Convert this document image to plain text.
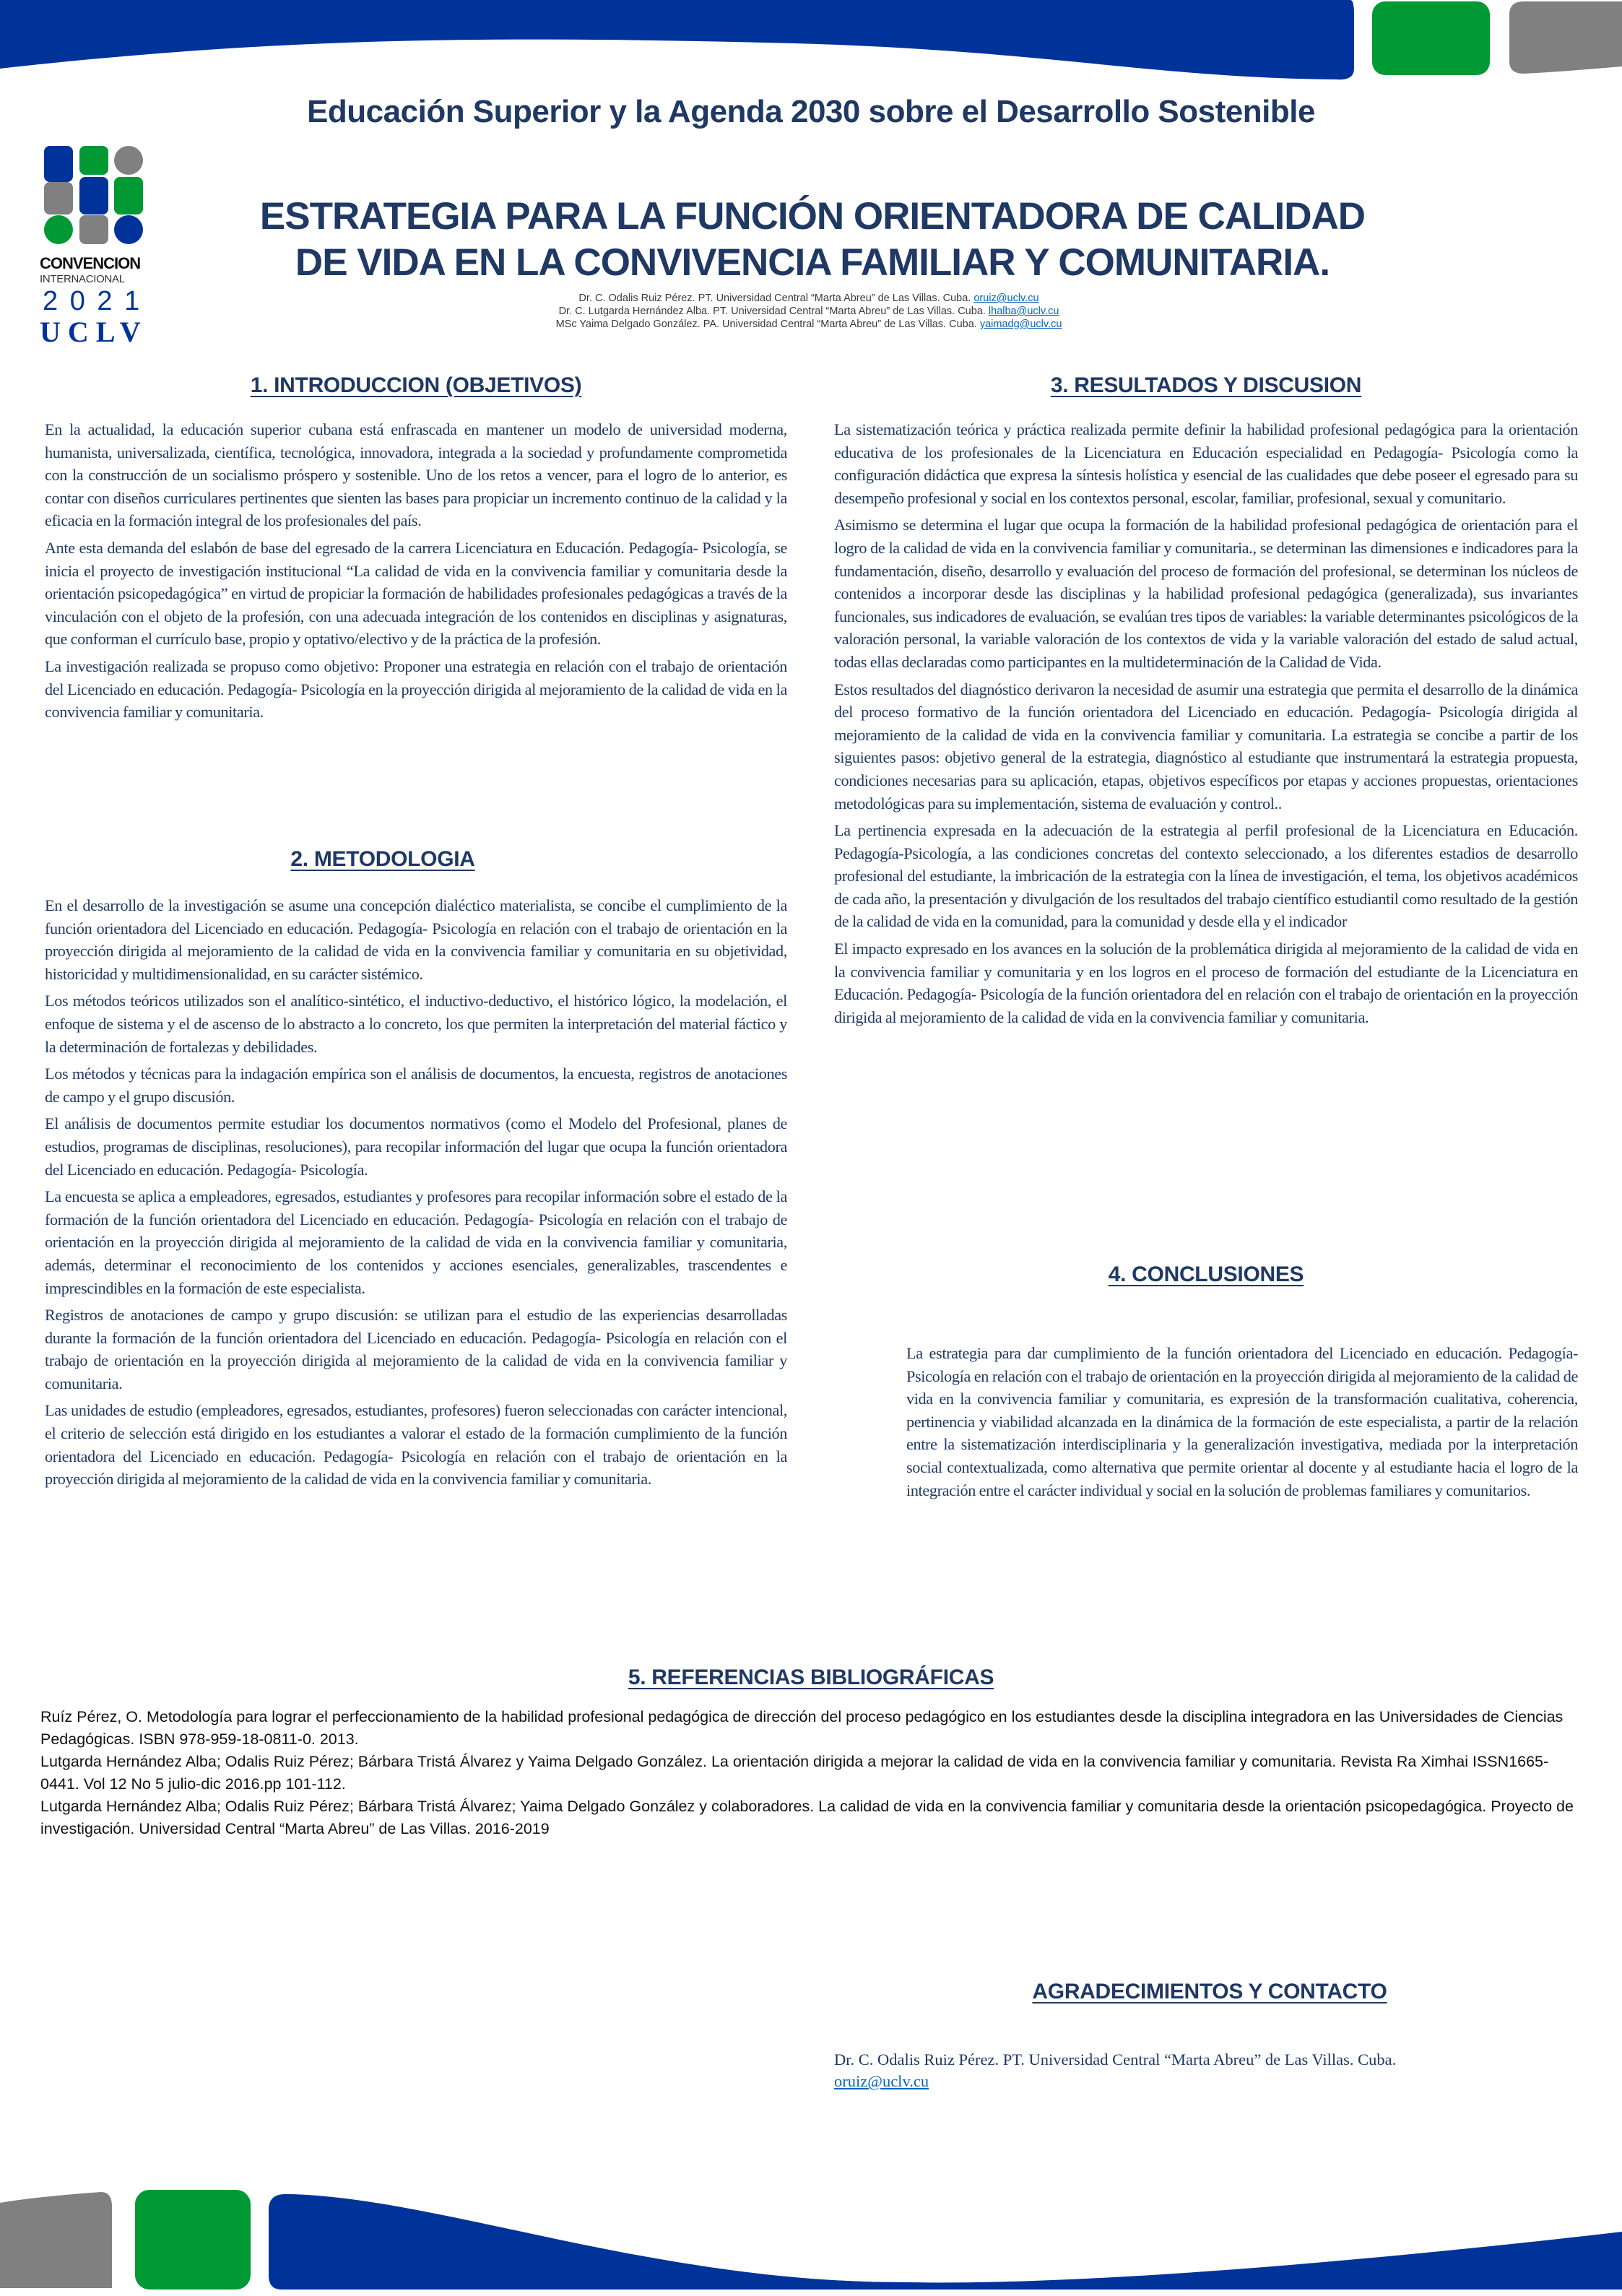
CONVENCION
INTERNACIONAL
2 0 2 1
UCLV
Educación Superior y la Agenda 2030 sobre el Desarrollo Sostenible
ESTRATEGIA PARA LA FUNCIÓN ORIENTADORA DE CALIDAD
DE VIDA EN LA CONVIVENCIA FAMILIAR Y COMUNITARIA.
Dr. C. Odalis Ruiz Pérez. PT. Universidad Central “Marta Abreu” de Las Villas. Cuba. oruiz@uclv.cu
Dr. C. Lutgarda Hernández Alba. PT. Universidad Central “Marta Abreu” de Las Villas. Cuba. lhalba@uclv.cu
MSc Yaima Delgado González. PA. Universidad Central “Marta Abreu” de Las Villas. Cuba. yaimadg@uclv.cu
1. INTRODUCCION (OBJETIVOS)

En la actualidad, la educación superior cubana está enfrascada en mantener un modelo de universidad moderna, humanista, universalizada, científica, tecnológica, innovadora, integrada a la sociedad y profundamente comprometida con la construcción de un socialismo próspero y sostenible. Uno de los retos a vencer, para el logro de lo anterior, es contar con diseños curriculares pertinentes que sienten las bases para propiciar un incremento continuo de la calidad y la eficacia en la formación integral de los profesionales del país.

Ante esta demanda del eslabón de base del egresado de la carrera Licenciatura en Educación. Pedagogía- Psicología, se inicia el proyecto de investigación institucional “La calidad de vida en la convivencia familiar y comunitaria desde la orientación psicopedagógica” en virtud de propiciar la formación de habilidades profesionales pedagógicas a través de la vinculación con el objeto de la profesión, con una adecuada integración de los contenidos en disciplinas y asignaturas, que conforman el currículo base, propio y optativo/electivo y de la práctica de la profesión.

La investigación realizada se propuso como objetivo: Proponer una estrategia en relación con el trabajo de orientación del Licenciado en educación. Pedagogía- Psicología en la proyección dirigida al mejoramiento de la calidad de vida en la convivencia familiar y comunitaria.

2. METODOLOGIA

En el desarrollo de la investigación se asume una concepción dialéctico materialista, se concibe el cumplimiento de la función orientadora del Licenciado en educación. Pedagogía- Psicología en relación con el trabajo de orientación en la proyección dirigida al mejoramiento de la calidad de vida en la convivencia familiar y comunitaria en su objetividad, historicidad y multidimensionalidad, en su carácter sistémico.

Los métodos teóricos utilizados son el analítico-sintético, el inductivo-deductivo, el histórico lógico, la modelación, el enfoque de sistema y el de ascenso de lo abstracto a lo concreto, los que permiten la interpretación del material fáctico y la determinación de fortalezas y debilidades.

Los métodos y técnicas para la indagación empírica son el análisis de documentos, la encuesta, registros de anotaciones de campo y el grupo discusión.

El análisis de documentos permite estudiar los documentos normativos (como el Modelo del Profesional, planes de estudios, programas de disciplinas, resoluciones), para recopilar información del lugar que ocupa la función orientadora del Licenciado en educación. Pedagogía- Psicología.

La encuesta se aplica a empleadores, egresados, estudiantes y profesores para recopilar información sobre el estado de la formación de la función orientadora del Licenciado en educación. Pedagogía- Psicología en relación con el trabajo de orientación en la proyección dirigida al mejoramiento de la calidad de vida en la convivencia familiar y comunitaria, además, determinar el reconocimiento de los contenidos y acciones esenciales, generalizables, trascendentes e imprescindibles en la formación de este especialista.

Registros de anotaciones de campo y grupo discusión: se utilizan para el estudio de las experiencias desarrolladas durante la formación de la función orientadora del Licenciado en educación. Pedagogía- Psicología en relación con el trabajo de orientación en la proyección dirigida al mejoramiento de la calidad de vida en la convivencia familiar y comunitaria.

Las unidades de estudio (empleadores, egresados, estudiantes, profesores) fueron seleccionadas con carácter intencional, el criterio de selección está dirigido en los estudiantes a valorar el estado de la formación cumplimiento de la función orientadora del Licenciado en educación. Pedagogía- Psicología en relación con el trabajo de orientación en la proyección dirigida al mejoramiento de la calidad de vida en la convivencia familiar y comunitaria.

3. RESULTADOS Y DISCUSION

La sistematización teórica y práctica realizada permite definir la habilidad profesional pedagógica para la orientación educativa de los profesionales de la Licenciatura en Educación especialidad en Pedagogía- Psicología como la configuración didáctica que expresa la síntesis holística y esencial de las cualidades que debe poseer el egresado para su desempeño profesional y social en los contextos personal, escolar, familiar, profesional, sexual y comunitario.

Asimismo se determina el lugar que ocupa la formación de la habilidad profesional pedagógica de orientación para el logro de la calidad de vida en la convivencia familiar y comunitaria., se determinan las dimensiones e indicadores para la fundamentación, diseño, desarrollo y evaluación del proceso de formación del profesional, se determinan los núcleos de contenidos a incorporar desde las disciplinas y la habilidad profesional pedagógica (generalizada), sus invariantes funcionales, sus indicadores de evaluación, se evalúan tres tipos de variables: la variable determinantes psicológicos de la valoración personal, la variable valoración de los contextos de vida y la variable valoración del estado de salud actual, todas ellas declaradas como participantes en la multideterminación de la Calidad de Vida.

Estos resultados del diagnóstico derivaron la necesidad de asumir una estrategia que permita el desarrollo de la dinámica del proceso formativo de la función orientadora del Licenciado en educación. Pedagogía- Psicología dirigida al mejoramiento de la calidad de vida en la convivencia familiar y comunitaria. La estrategia se concibe a partir de los siguientes pasos: objetivo general de la estrategia, diagnóstico al estudiante que instrumentará la estrategia propuesta, condiciones necesarias para su aplicación, etapas, objetivos específicos por etapas y acciones propuestas, orientaciones metodológicas para su implementación, sistema de evaluación y control..

La pertinencia expresada en la adecuación de la estrategia al perfil profesional de la Licenciatura en Educación. Pedagogía-Psicología, a las condiciones concretas del contexto seleccionado, a los diferentes estadios de desarrollo profesional del estudiante, la imbricación de la estrategia con la línea de investigación, el tema, los objetivos académicos de cada año, la presentación y divulgación de los resultados del trabajo científico estudiantil como resultado de la gestión de la calidad de vida en la comunidad, para la comunidad y desde ella y el indicador

El impacto expresado en los avances en la solución de la problemática dirigida al mejoramiento de la calidad de vida en la convivencia familiar y comunitaria y en los logros en el proceso de formación del estudiante de la Licenciatura en Educación. Pedagogía- Psicología de la función orientadora del en relación con el trabajo de orientación en la proyección dirigida al mejoramiento de la calidad de vida en la convivencia familiar y comunitaria.

4. CONCLUSIONES

La estrategia para dar cumplimiento de la función orientadora del Licenciado en educación. Pedagogía- Psicología en relación con el trabajo de orientación en la proyección dirigida al mejoramiento de la calidad de vida en la convivencia familiar y comunitaria, es expresión de la transformación cualitativa, coherencia, pertinencia y viabilidad alcanzada en la dinámica de la formación de este especialista, a partir de la relación entre la sistematización interdisciplinaria y la generalización investigativa, mediada por la interpretación social contextualizada, como alternativa que permite orientar al docente y al estudiante hacia el logro de la integración entre el carácter individual y social en la solución de problemas familiares y comunitarios.

5. REFERENCIAS BIBLIOGRÁFICAS

Ruíz Pérez, O. Metodología para lograr el perfeccionamiento de la habilidad profesional pedagógica de dirección del proceso pedagógico en los estudiantes desde la disciplina integradora en las Universidades de Ciencias Pedagógicas. ISBN 978-959-18-0811-0. 2013.

Lutgarda Hernández Alba; Odalis Ruiz Pérez; Bárbara Tristá Álvarez y Yaima Delgado González. La orientación dirigida a mejorar la calidad de vida en la convivencia familiar y comunitaria. Revista Ra Ximhai ISSN1665-0441. Vol 12 No 5 julio-dic 2016.pp 101-112.

Lutgarda Hernández Alba; Odalis Ruiz Pérez; Bárbara Tristá Álvarez; Yaima Delgado González y colaboradores. La calidad de vida en la convivencia familiar y comunitaria desde la orientación psicopedagógica. Proyecto de investigación. Universidad Central “Marta Abreu” de Las Villas. 2016-2019

AGRADECIMIENTOS Y CONTACTO
Dr. C. Odalis Ruiz Pérez. PT. Universidad Central “Marta Abreu” de Las Villas. Cuba.
oruiz@uclv.cu
